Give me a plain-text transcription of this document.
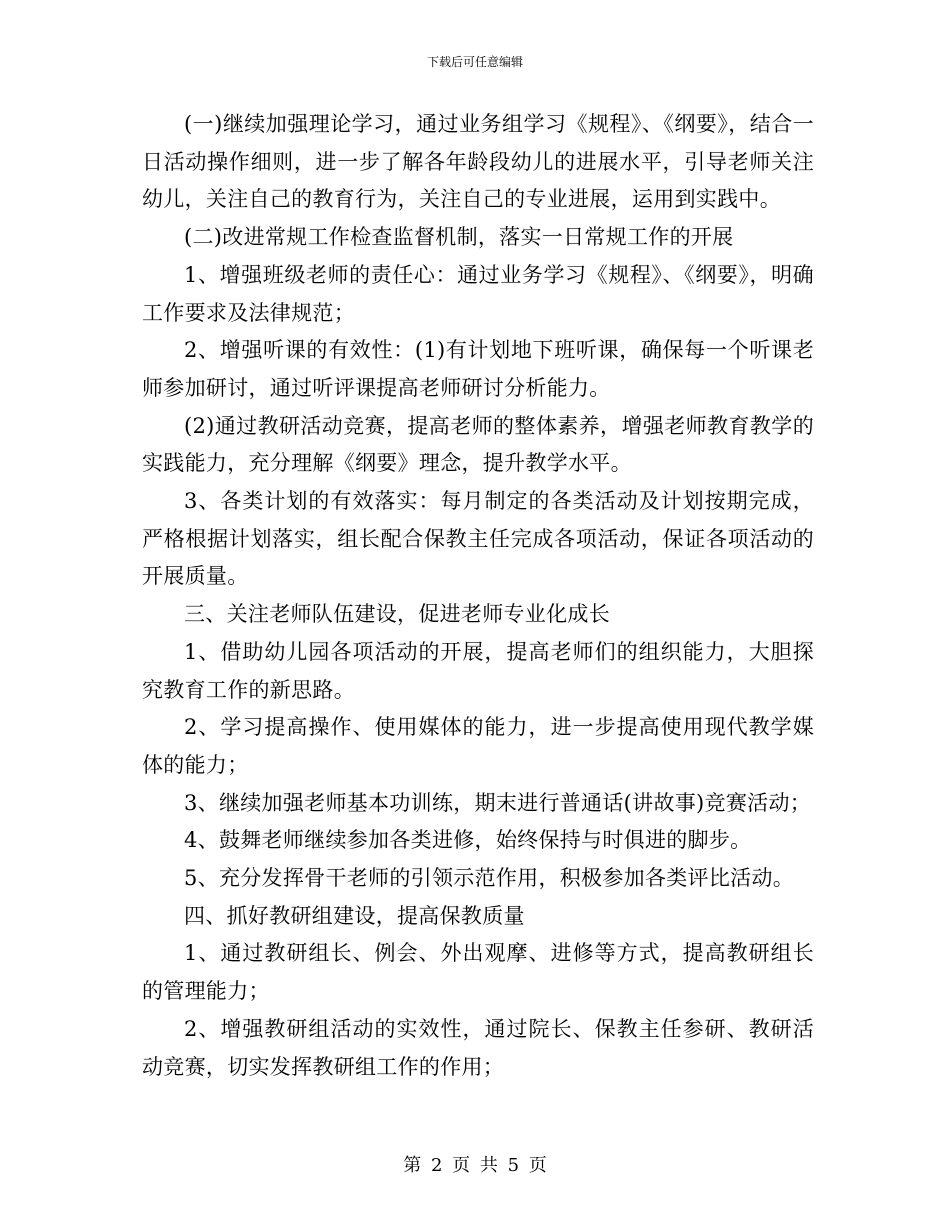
下载后可任意编辑

(一)继续加强理论学习，通过业务组学习《规程》、《纲要》，结合一日活动操作细则，进一步了解各年龄段幼儿的进展水平，引导老师关注幼儿，关注自己的教育行为，关注自己的专业进展，运用到实践中。

(二)改进常规工作检查监督机制，落实一日常规工作的开展

1、增强班级老师的责任心：通过业务学习《规程》、《纲要》，明确工作要求及法律规范；

2、增强听课的有效性：(1)有计划地下班听课，确保每一个听课老师参加研讨，通过听评课提高老师研讨分析能力。

(2)通过教研活动竞赛，提高老师的整体素养，增强老师教育教学的实践能力，充分理解《纲要》理念，提升教学水平。

3、各类计划的有效落实：每月制定的各类活动及计划按期完成，严格根据计划落实，组长配合保教主任完成各项活动，保证各项活动的开展质量。

三、关注老师队伍建设，促进老师专业化成长

1、借助幼儿园各项活动的开展，提高老师们的组织能力，大胆探究教育工作的新思路。

2、学习提高操作、使用媒体的能力，进一步提高使用现代教学媒体的能力；

3、继续加强老师基本功训练，期末进行普通话(讲故事)竞赛活动；

4、鼓舞老师继续参加各类进修，始终保持与时俱进的脚步。

5、充分发挥骨干老师的引领示范作用，积极参加各类评比活动。

四、抓好教研组建设，提高保教质量

1、通过教研组长、例会、外出观摩、进修等方式，提高教研组长的管理能力；

2、增强教研组活动的实效性，通过院长、保教主任参研、教研活动竞赛，切实发挥教研组工作的作用；

第 2 页 共 5 页
